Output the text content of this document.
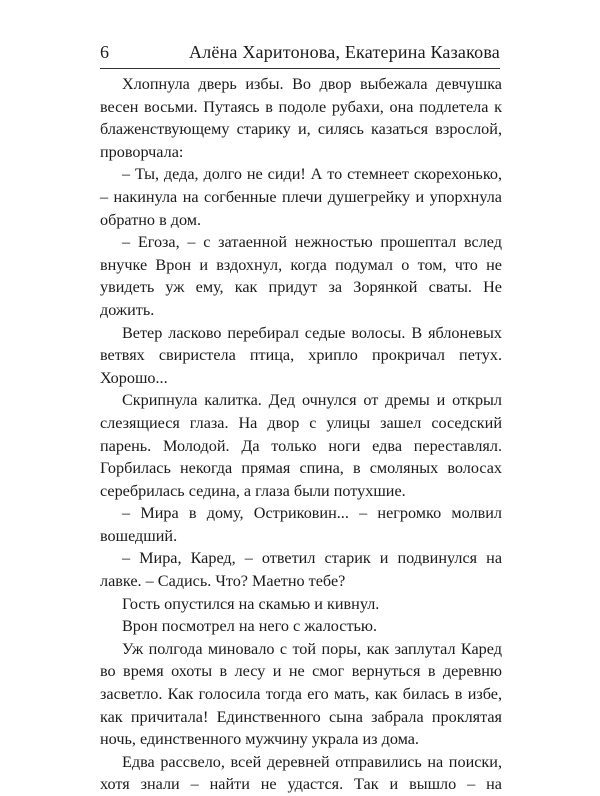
6	Алёна Харитонова, Екатерина Казакова

Хлопнула дверь избы. Во двор выбежала девчушка весен восьми. Путаясь в подоле рубахи, она подлетела к блаженствующему старику и, силясь казаться взрослой, проворчала:

– Ты, деда, долго не сиди! А то стемнеет скорехонько, – накинула на согбенные плечи душегрейку и упорхнула обратно в дом.

– Егоза, – с затаенной нежностью прошептал вслед внучке Врон и вздохнул, когда подумал о том, что не увидеть уж ему, как придут за Зорянкой сваты. Не дожить.

Ветер ласково перебирал седые волосы. В яблоневых ветвях свиристела птица, хрипло прокричал петух. Хорошо...

Скрипнула калитка. Дед очнулся от дремы и открыл слезящиеся глаза. На двор с улицы зашел соседский парень. Молодой. Да только ноги едва переставлял. Горбилась некогда прямая спина, в смоляных волосах серебрилась седина, а глаза были потухшие.

– Мира в дому, Остриковин... – негромко молвил вошедший.

– Мира, Каред, – ответил старик и подвинулся на лавке. – Садись. Что? Маетно тебе?

Гость опустился на скамью и кивнул.

Врон посмотрел на него с жалостью.

Уж полгода миновало с той поры, как заплутал Каред во время охоты в лесу и не смог вернуться в деревню засветло. Как голосила тогда его мать, как билась в избе, как причитала! Единственного сына забрала проклятая ночь, единственного мужчину украла из дома.

Едва рассвело, всей деревней отправились на поиски, хотя знали – найти не удастся. Так и вышло – на
